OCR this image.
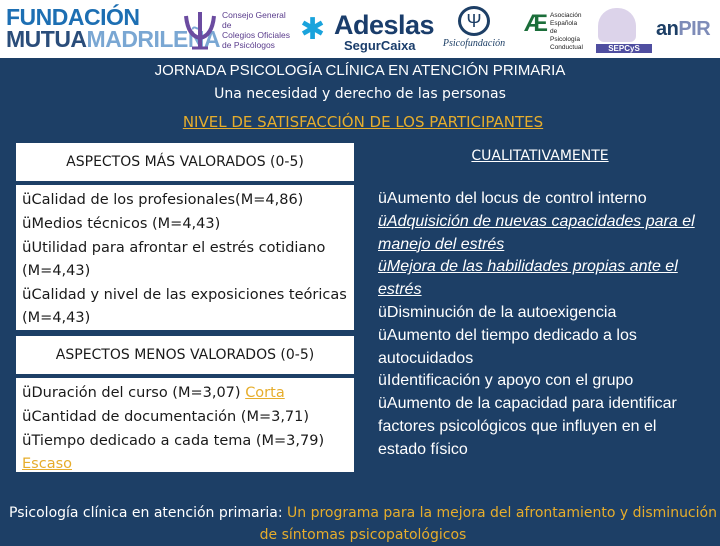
FUNDACIÓN
MUTUAMADRILEÑA
Consejo General de
Colegios Oficiales
de Psicólogos ✱ Adeslas
SegurCaixa
Ψ
Psicofundación
Æ Asociación
Española de
Psicología
Conductual	SEPCyS
anPIR
JORNADA PSICOLOGÍA CLÍNICA EN ATENCIÓN PRIMARIA
Una necesidad y derecho de las personas
NIVEL DE SATISFACCIÓN DE LOS PARTICIPANTES
ASPECTOS MÁS VALORADOS (0-5)
üCalidad de los profesionales(M=4,86)
üMedios técnicos (M=4,43)
üUtilidad para afrontar el estrés cotidiano (M=4,43)
üCalidad y nivel de las exposiciones teóricas (M=4,43)
ASPECTOS MENOS VALORADOS (0-5)
üDuración del curso (M=3,07) Corta
üCantidad de documentación (M=3,71)
üTiempo dedicado a cada tema (M=3,79) Escaso
CUALITATIVAMENTE
üAumento del locus de control interno
üAdquisición de nuevas capacidades para el manejo del estrés
üMejora de las habilidades propias ante el estrés
üDisminución de la autoexigencia
üAumento del tiempo dedicado a los autocuidados
üIdentificación y apoyo con el grupo
üAumento de la capacidad para identificar factores psicológicos que influyen en el estado físico
Psicología clínica en atención primaria: Un programa para la mejora del afrontamiento y disminución de síntomas psicopatológicos
